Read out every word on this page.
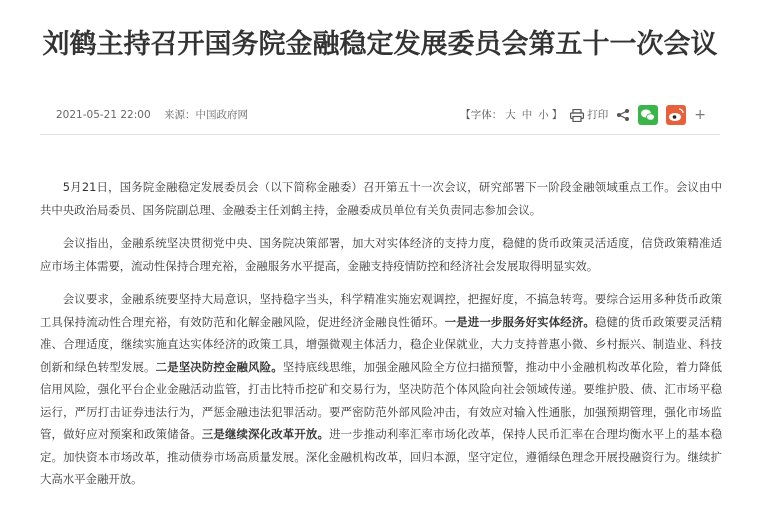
刘鹤主持召开国务院金融稳定发展委员会第五十一次会议
2021-05-21 22:00 来源：中国政府网	【字体： 大 中 小 】 打印	+

5月21日，国务院金融稳定发展委员会（以下简称金融委）召开第五十一次会议，研究部署下一阶段金融领域重点工作。会议由中共中央政治局委员、国务院副总理、金融委主任刘鹤主持，金融委成员单位有关负责同志参加会议。

会议指出，金融系统坚决贯彻党中央、国务院决策部署，加大对实体经济的支持力度，稳健的货币政策灵活适度，信贷政策精准适应市场主体需要，流动性保持合理充裕，金融服务水平提高，金融支持疫情防控和经济社会发展取得明显实效。

会议要求，金融系统要坚持大局意识，坚持稳字当头，科学精准实施宏观调控，把握好度，不搞急转弯。要综合运用多种货币政策工具保持流动性合理充裕，有效防范和化解金融风险，促进经济金融良性循环。一是进一步服务好实体经济。稳健的货币政策要灵活精准、合理适度，继续实施直达实体经济的政策工具，增强微观主体活力，稳企业保就业，大力支持普惠小微、乡村振兴、制造业、科技创新和绿色转型发展。二是坚决防控金融风险。坚持底线思维，加强金融风险全方位扫描预警，推动中小金融机构改革化险，着力降低信用风险，强化平台企业金融活动监管，打击比特币挖矿和交易行为，坚决防范个体风险向社会领域传递。要维护股、债、汇市场平稳运行，严厉打击证券违法行为，严惩金融违法犯罪活动。要严密防范外部风险冲击，有效应对输入性通胀，加强预期管理，强化市场监管，做好应对预案和政策储备。三是继续深化改革开放。进一步推动利率汇率市场化改革，保持人民币汇率在合理均衡水平上的基本稳定。加快资本市场改革，推动债券市场高质量发展。深化金融机构改革，回归本源，坚守定位，遵循绿色理念开展投融资行为。继续扩大高水平金融开放。
